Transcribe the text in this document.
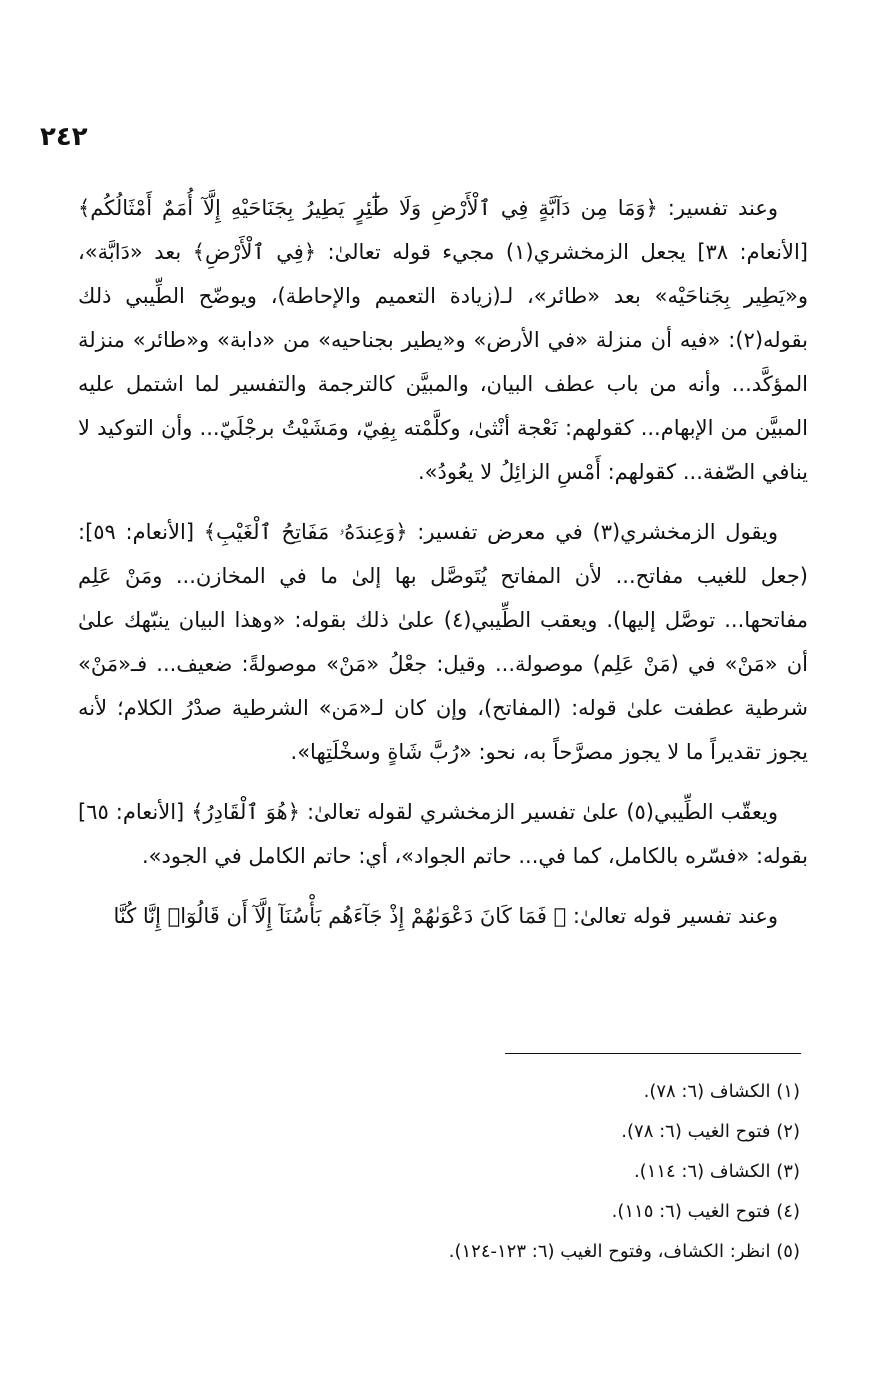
٢٤٢

وعند تفسير: ﴿وَمَا مِن دَآبَّةٍ فِي ٱلْأَرْضِ وَلَا طَٰٓئِرٍ يَطِيرُ بِجَنَاحَيْهِ إِلَّآ أُمَمٌ أَمْثَالُكُم﴾ [الأنعام: ٣٨] يجعل الزمخشري(١) مجيء قوله تعالىٰ: ﴿فِي ٱلْأَرْضِ﴾ بعد «دَابَّة»، و«يَطِير بِجَناحَيْه» بعد «طائر»، لـ(زيادة التعميم والإحاطة)، ويوضّح الطِّيبي ذلك بقوله(٢): «فيه أن منزلة «في الأرض» و«يطير بجناحيه» من «دابة» و«طائر» منزلة المؤكَّد... وأنه من باب عطف البيان، والمبيَّن كالترجمة والتفسير لما اشتمل عليه المبيَّن من الإبهام... كقولهم: نَعْجة أنْثىٰ، وكلَّمْته بِفِيّ، ومَشَيْتُ برجْلَيّ... وأن التوكيد لا ينافي الصّفة... كقولهم: أَمْسِ الزائِلُ لا يعُودُ».

ويقول الزمخشري(٣) في معرض تفسير: ﴿وَعِندَهُۥ مَفَاتِحُ ٱلْغَيْبِ﴾ [الأنعام: ٥٩]: (جعل للغيب مفاتح... لأن المفاتح يُتَوصَّل بها إلىٰ ما في المخازن... ومَنْ عَلِم مفاتحها... توصَّل إليها). ويعقب الطِّيبي(٤) علىٰ ذلك بقوله: «وهذا البيان ينبّهك علىٰ أن «مَنْ» في (مَنْ عَلِم) موصولة... وقيل: جعْلُ «مَنْ» موصولةً: ضعيف... فـ«مَنْ» شرطية عطفت علىٰ قوله: (المفاتح)، وإن كان لـ«مَن» الشرطية صدْرُ الكلام؛ لأنه يجوز تقديراً ما لا يجوز مصرَّحاً به، نحو: «رُبَّ شَاةٍ وسخْلَتِها».

ويعقّب الطِّيبي(٥) علىٰ تفسير الزمخشري لقوله تعالىٰ: ﴿هُوَ ٱلْقَادِرُ﴾ [الأنعام: ٦٥] بقوله: «فسّره بالكامل، كما في... حاتم الجواد»، أي: حاتم الكامل في الجود».

وعند تفسير قوله تعالىٰ: ﴿ فَمَا كَانَ دَعْوَىٰهُمْ إِذْ جَآءَهُم بَأْسُنَآ إِلَّآ أَن قَالُوٓا۟ إِنَّا كُنَّا

(١) الكشاف (٦: ٧٨).

(٢) فتوح الغيب (٦: ٧٨).

(٣) الكشاف (٦: ١١٤).

(٤) فتوح الغيب (٦: ١١٥).

(٥) انظر: الكشاف، وفتوح الغيب (٦: ١٢٣-١٢٤).
